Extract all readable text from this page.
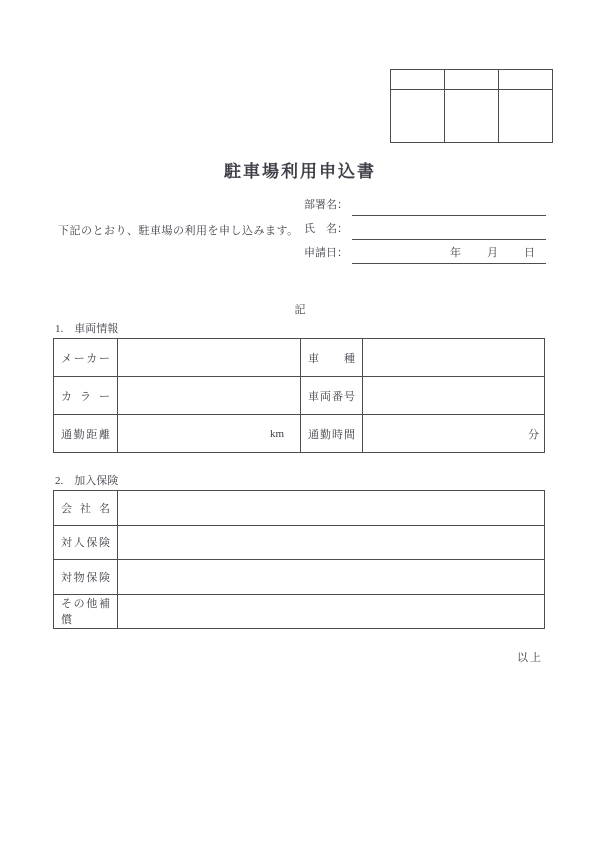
駐車場利用申込書
下記のとおり、駐車場の利用を申し込みます。
部署名：
氏　名：
申請日：	年 月 日
記
1.　車両情報
メーカー		車種	
カラー		車両番号	
通勤距離	km	通勤時間	分
2.　加入保険
会社名	
対人保険	
対物保険	
その他補償	
以上
